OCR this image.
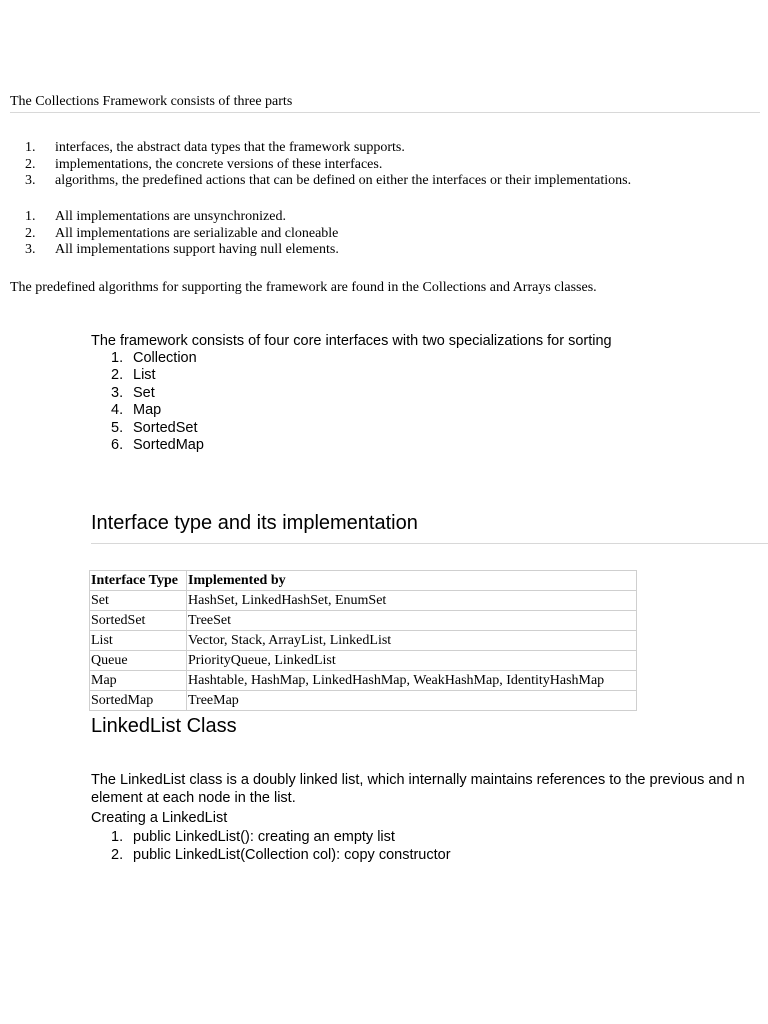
The Collections Framework consists of three parts
1.	interfaces, the abstract data types that the framework supports.
2.	implementations, the concrete versions of these interfaces.
3.	algorithms, the predefined actions that can be defined on either the interfaces or their implementations.
1.	All implementations are unsynchronized.
2.	All implementations are serializable and cloneable
3.	All implementations support having null elements.
The predefined algorithms for supporting the framework are found in the Collections and Arrays classes.
The framework consists of four core interfaces with two specializations for sorting
1. Collection
2. List
3. Set
4. Map
5. SortedSet
6. SortedMap
Interface type and its implementation
Interface Type	Implemented by
Set	HashSet, LinkedHashSet, EnumSet
SortedSet	TreeSet
List	Vector, Stack, ArrayList, LinkedList
Queue	PriorityQueue, LinkedList
Map	Hashtable, HashMap, LinkedHashMap, WeakHashMap, IdentityHashMap
SortedMap	TreeMap
LinkedList Class
The LinkedList class is a doubly linked list, which internally maintains references to the previous and n
element at each node in the list.
Creating a LinkedList
1. public LinkedList(): creating an empty list
2. public LinkedList(Collection col): copy constructor
